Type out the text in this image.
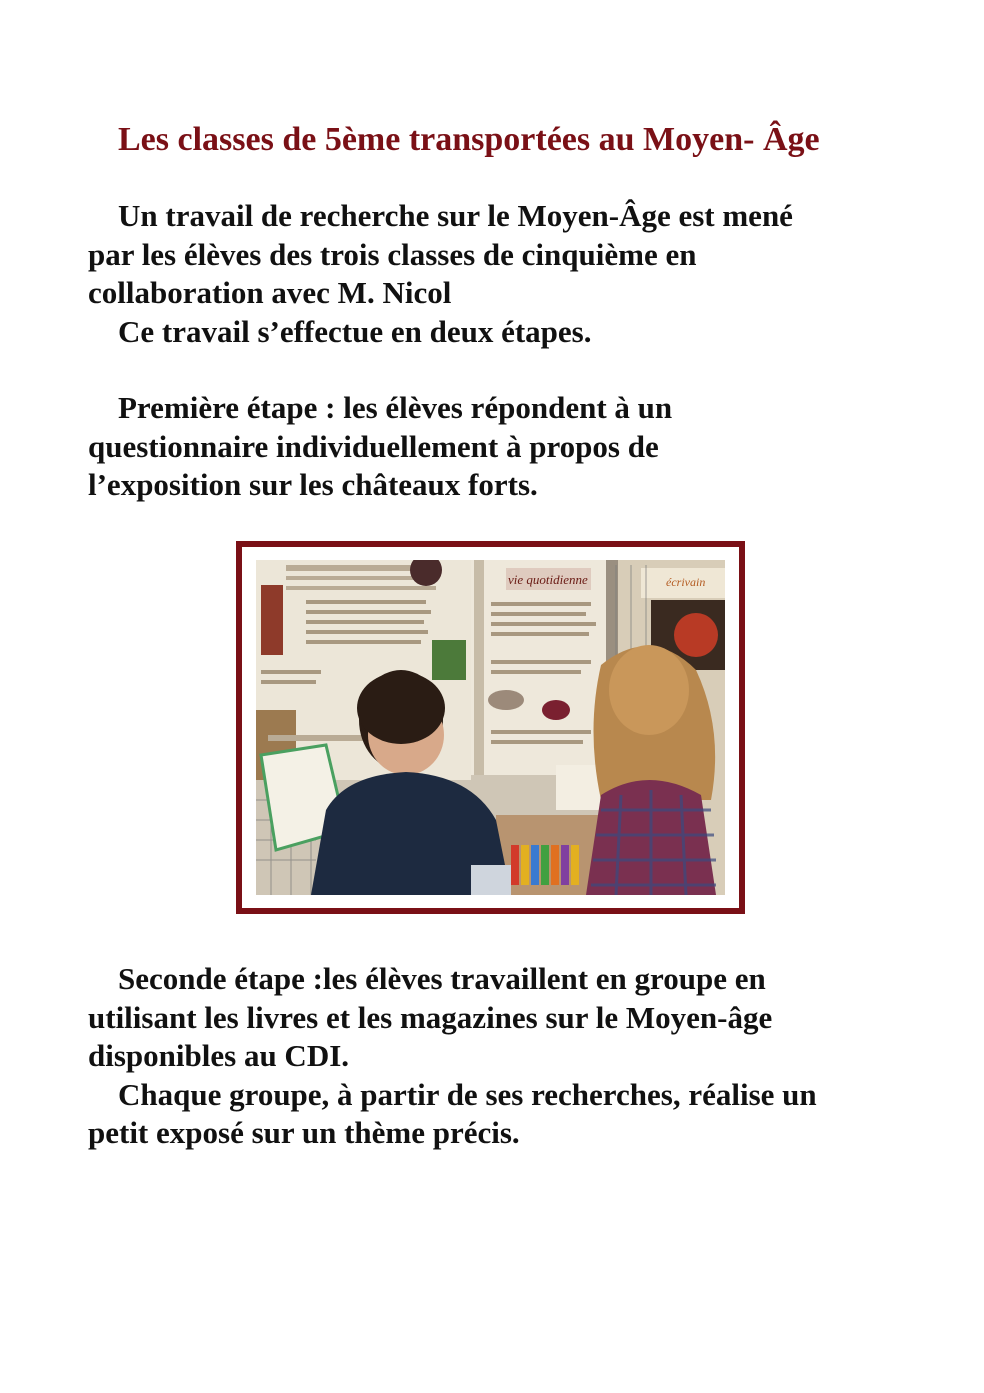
Les classes de 5ème transportées au Moyen- Âge
Un travail de recherche sur le Moyen-Âge est mené
par les élèves des trois classes de cinquième en
collaboration avec M. Nicol
Ce travail s’effectue en deux étapes.
Première étape : les élèves répondent à un
questionnaire individuellement à propos de
l’exposition sur les châteaux forts.
vie quotidienne	écrivain
Seconde étape :les élèves travaillent en groupe en
utilisant les livres et les magazines sur le Moyen-âge
disponibles au CDI.
Chaque groupe, à partir de ses recherches, réalise un
petit exposé sur un thème précis.
